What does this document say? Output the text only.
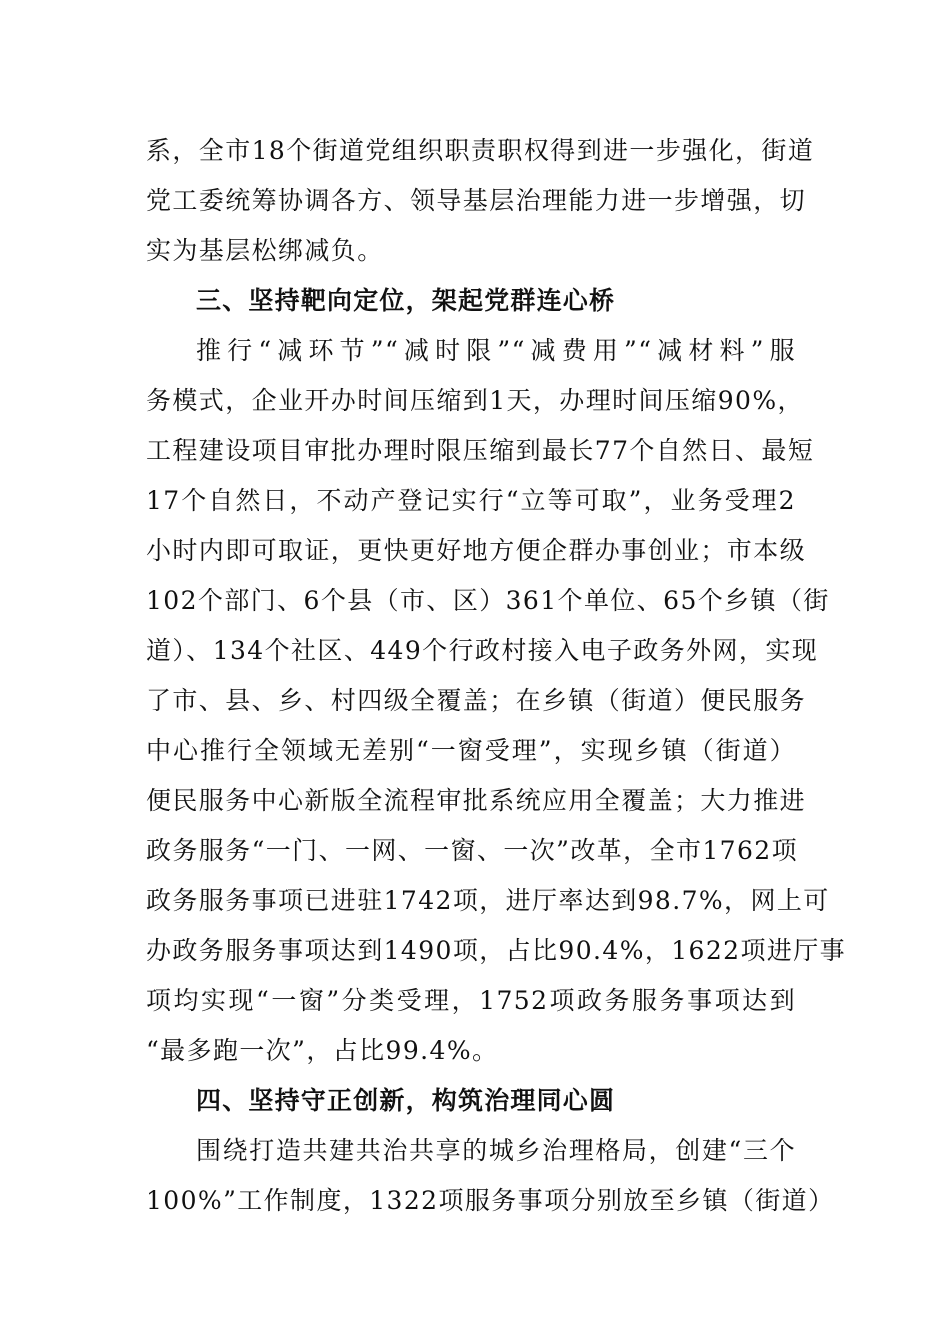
系，全市18个街道党组织职责职权得到进一步强化，街道
党工委统筹协调各方、领导基层治理能力进一步增强，切
实为基层松绑减负。
三、坚持靶向定位，架起党群连心桥
推行“减环节”“减时限”“减费用”“减材料”服
务模式，企业开办时间压缩到1天，办理时间压缩90%，
工程建设项目审批办理时限压缩到最长77个自然日、最短
17个自然日，不动产登记实行“立等可取”，业务受理2
小时内即可取证，更快更好地方便企群办事创业；市本级
102个部门、6个县（市、区）361个单位、65个乡镇（街
道）、134个社区、449个行政村接入电子政务外网，实现
了市、县、乡、村四级全覆盖；在乡镇（街道）便民服务
中心推行全领域无差别“一窗受理”，实现乡镇（街道）
便民服务中心新版全流程审批系统应用全覆盖；大力推进
政务服务“一门、一网、一窗、一次”改革，全市1762项
政务服务事项已进驻1742项，进厅率达到98.7%，网上可
办政务服务事项达到1490项，占比90.4%，1622项进厅事
项均实现“一窗”分类受理，1752项政务服务事项达到
“最多跑一次”，占比99.4%。
四、坚持守正创新，构筑治理同心圆
围绕打造共建共治共享的城乡治理格局，创建“三个
100%”工作制度，1322项服务事项分别放至乡镇（街道）
